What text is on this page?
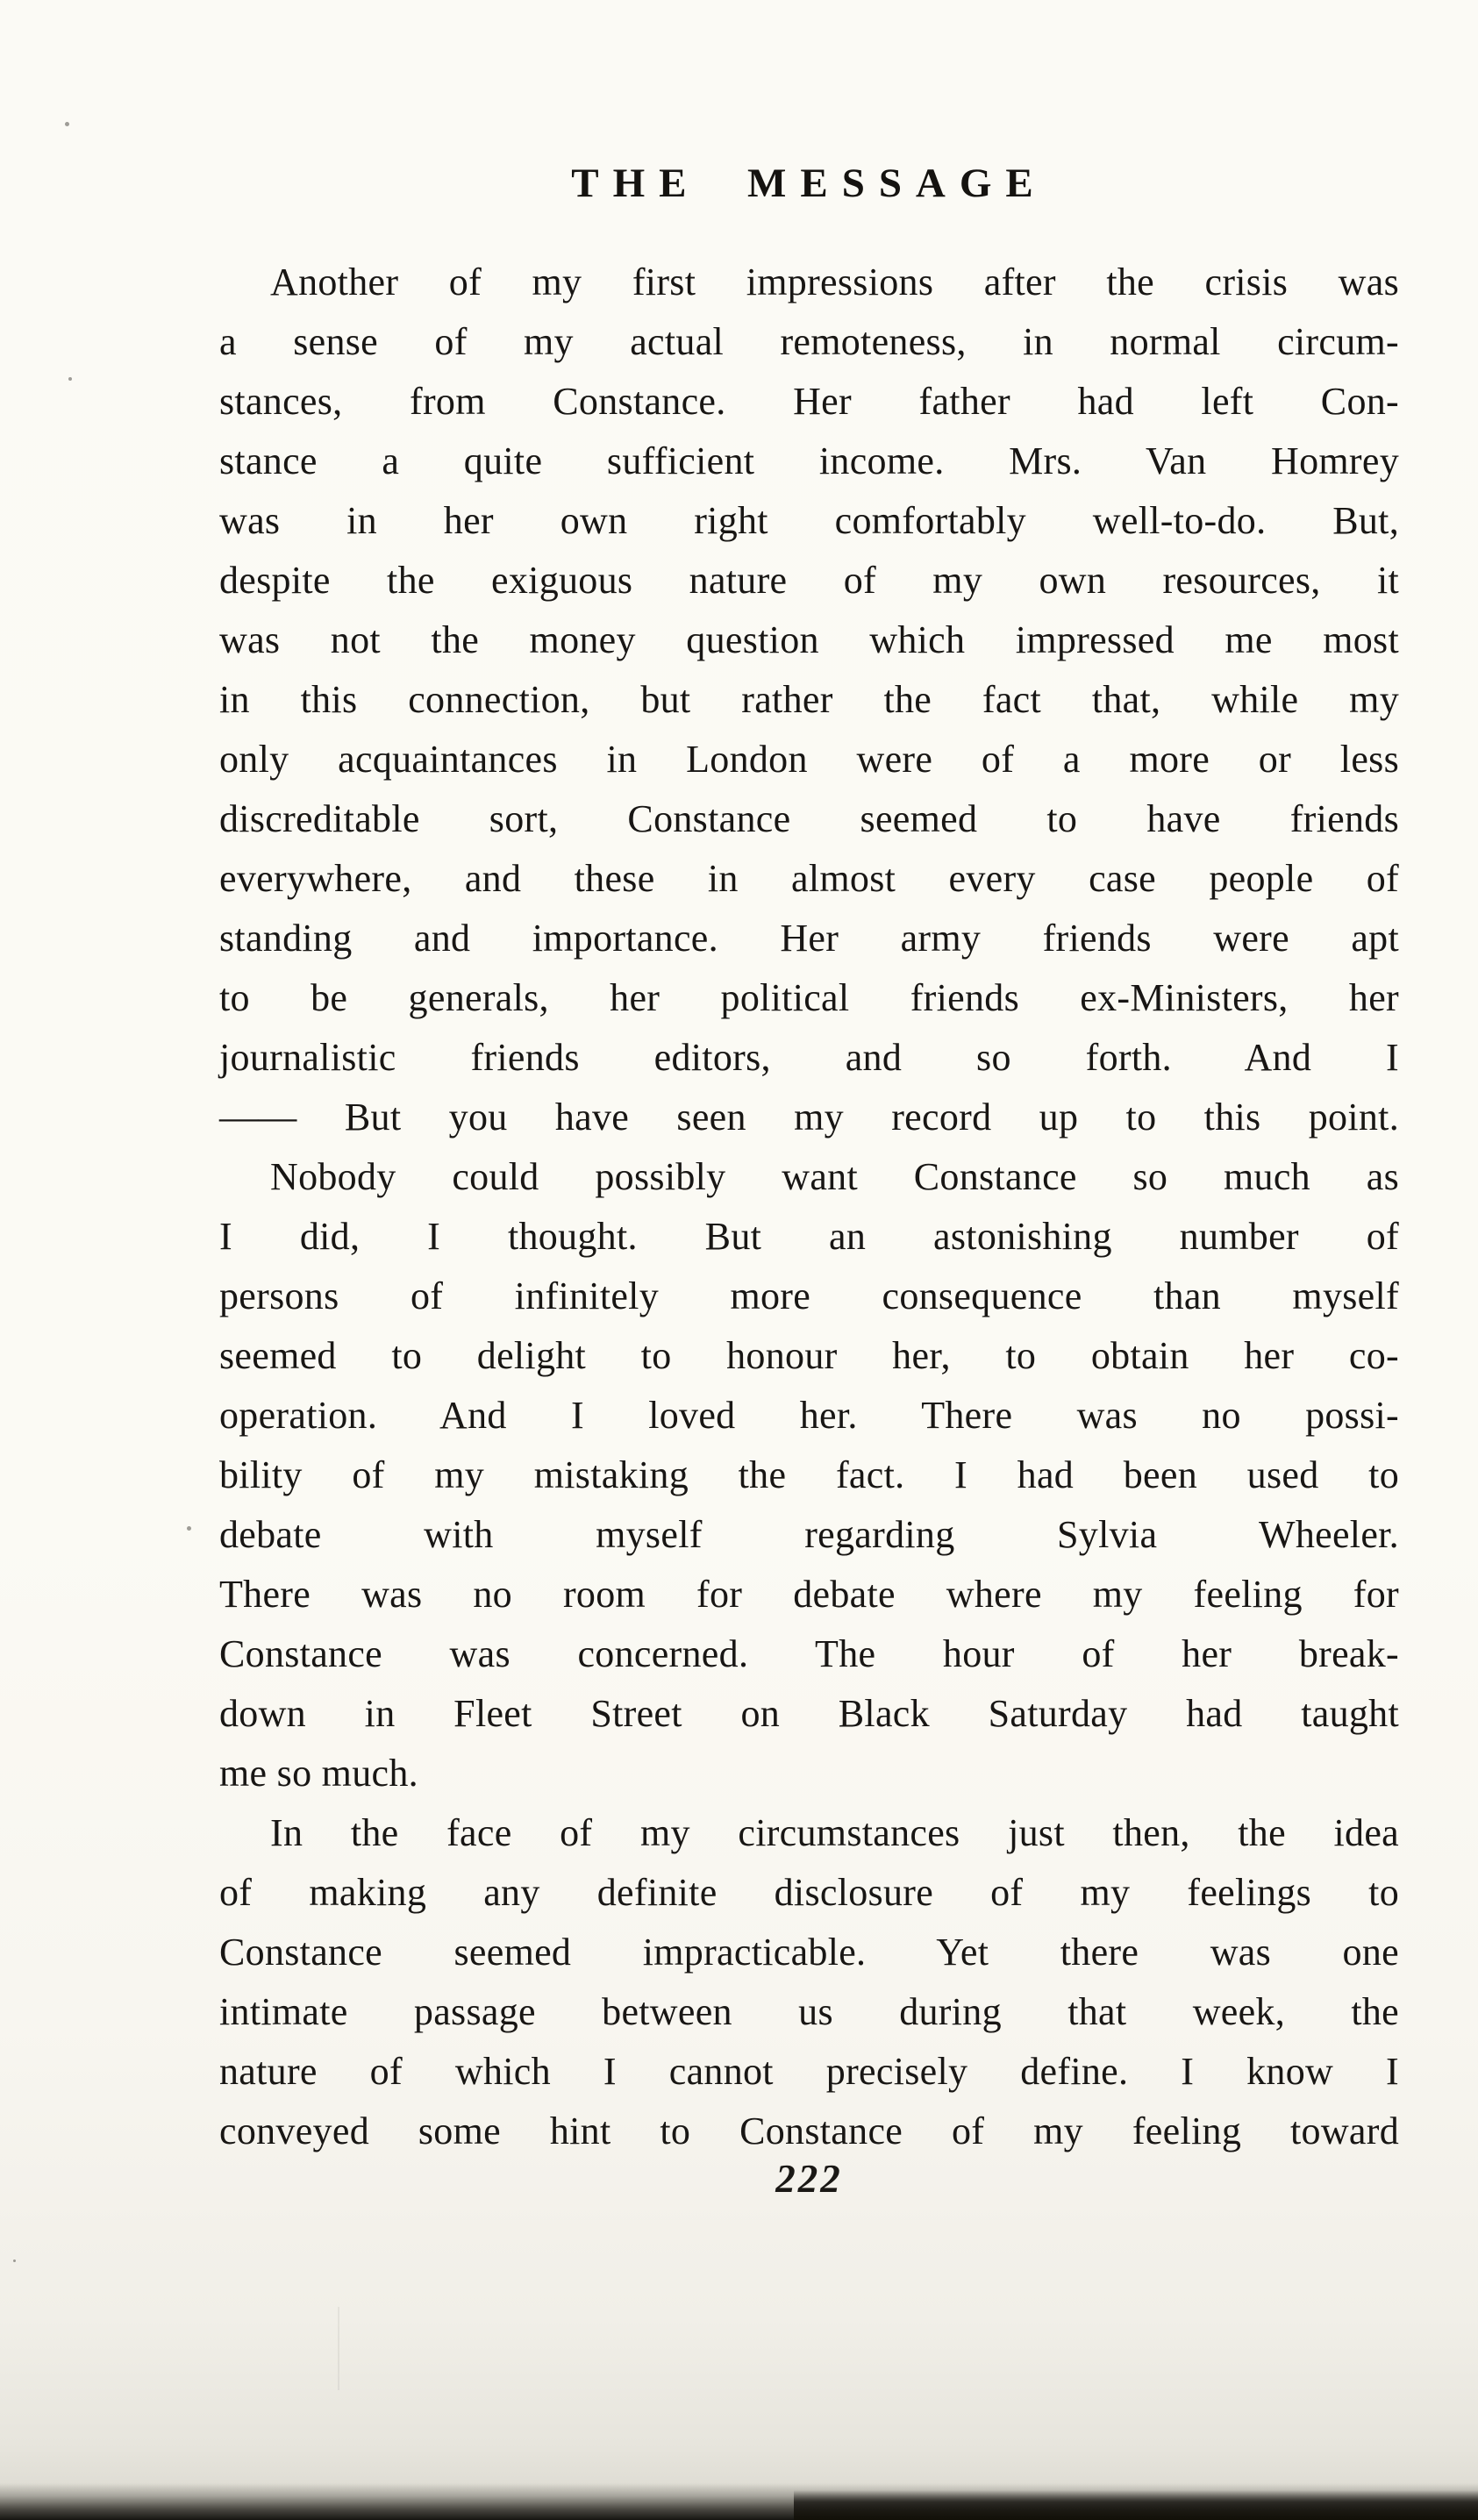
THE MESSAGE
Another of my first impressions after the crisis was
a sense of my actual remoteness, in normal circum-
stances, from Constance. Her father had left Con-
stance a quite sufficient income. Mrs. Van Homrey
was in her own right comfortably well-to-do. But,
despite the exiguous nature of my own resources, it
was not the money question which impressed me most
in this connection, but rather the fact that, while my
only acquaintances in London were of a more or less
discreditable sort, Constance seemed to have friends
everywhere, and these in almost every case people of
standing and importance. Her army friends were apt
to be generals, her political friends ex-Ministers, her
journalistic friends editors, and so forth. And I
—— But you have seen my record up to this point.
Nobody could possibly want Constance so much as
I did, I thought. But an astonishing number of
persons of infinitely more consequence than myself
seemed to delight to honour her, to obtain her co-
operation. And I loved her. There was no possi-
bility of my mistaking the fact. I had been used to
debate with myself regarding Sylvia Wheeler.
There was no room for debate where my feeling for
Constance was concerned. The hour of her break-
down in Fleet Street on Black Saturday had taught
me so much.
In the face of my circumstances just then, the idea
of making any definite disclosure of my feelings to
Constance seemed impracticable. Yet there was one
intimate passage between us during that week, the
nature of which I cannot precisely define. I know I
conveyed some hint to Constance of my feeling toward
222
